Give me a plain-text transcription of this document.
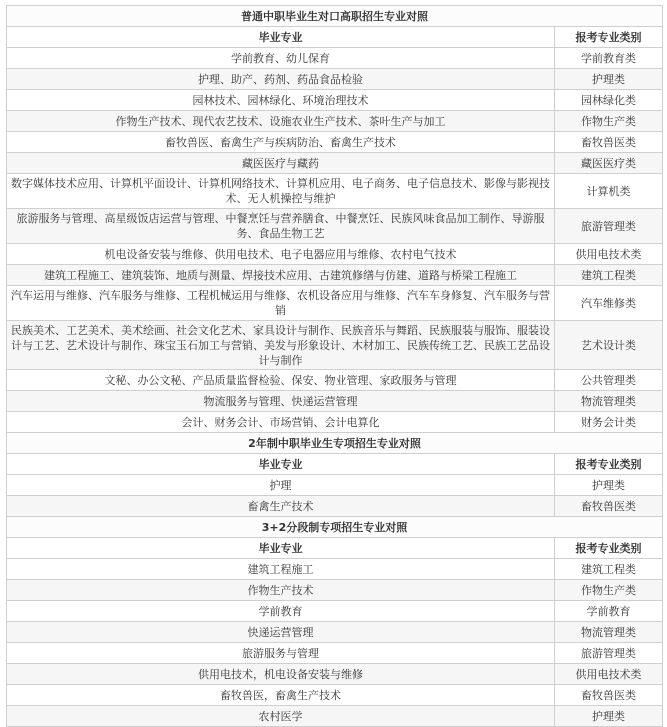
普通中职毕业生对口高职招生专业对照	
毕业专业	报考专业类别
学前教育、幼儿保育	学前教育类
护理、助产、药剂、药品食品检验	护理类
园林技术、园林绿化、环境治理技术	园林绿化类
作物生产技术、现代农艺技术、设施农业生产技术、茶叶生产与加工	作物生产类
畜牧兽医、畜禽生产与疾病防治、畜禽生产技术	畜牧兽医类
藏医医疗与藏药	藏医医疗类
数字媒体技术应用、计算机平面设计、计算机网络技术、计算机应用、电子商务、电子信息技术、影像与影视技术、无人机操控与维护	计算机类
旅游服务与管理、高星级饭店运营与管理、中餐烹饪与营养膳食、中餐烹饪、民族风味食品加工制作、导游服务、食品生物工艺	旅游管理类
机电设备安装与维修、供用电技术、电子电器应用与维修、农村电气技术	供用电技术类
建筑工程施工、建筑装饰、地质与测量、焊接技术应用、古建筑修缮与仿建、道路与桥梁工程施工	建筑工程类
汽车运用与维修、汽车服务与维修、工程机械运用与维修、农机设备应用与维修、汽车车身修复、汽车服务与营销	汽车维修类
民族美术、工艺美术、美术绘画、社会文化艺术、家具设计与制作、民族音乐与舞蹈、民族服装与服饰、服装设计与工艺、艺术设计与制作、珠宝玉石加工与营销、美发与形象设计、木材加工、民族传统工艺、民族工艺品设计与制作	艺术设计类
文秘、办公文秘、产品质量监督检验、保安、物业管理、家政服务与管理	公共管理类
物流服务与管理、快递运营管理	物流管理类
会计、财务会计、市场营销、会计电算化	财务会计类
2年制中职毕业生专项招生专业对照	
毕业专业	报考专业类别
护理	护理类
畜禽生产技术	畜牧兽医类
3+2分段制专项招生专业对照	
毕业专业	报考专业类别
建筑工程施工	建筑工程类
作物生产技术	作物生产类
学前教育	学前教育
快递运营管理	物流管理类
旅游服务与管理	旅游管理类
供用电技术，机电设备安装与维修	供用电技术类
畜牧兽医，畜禽生产技术	畜牧兽医类
农村医学	护理类
